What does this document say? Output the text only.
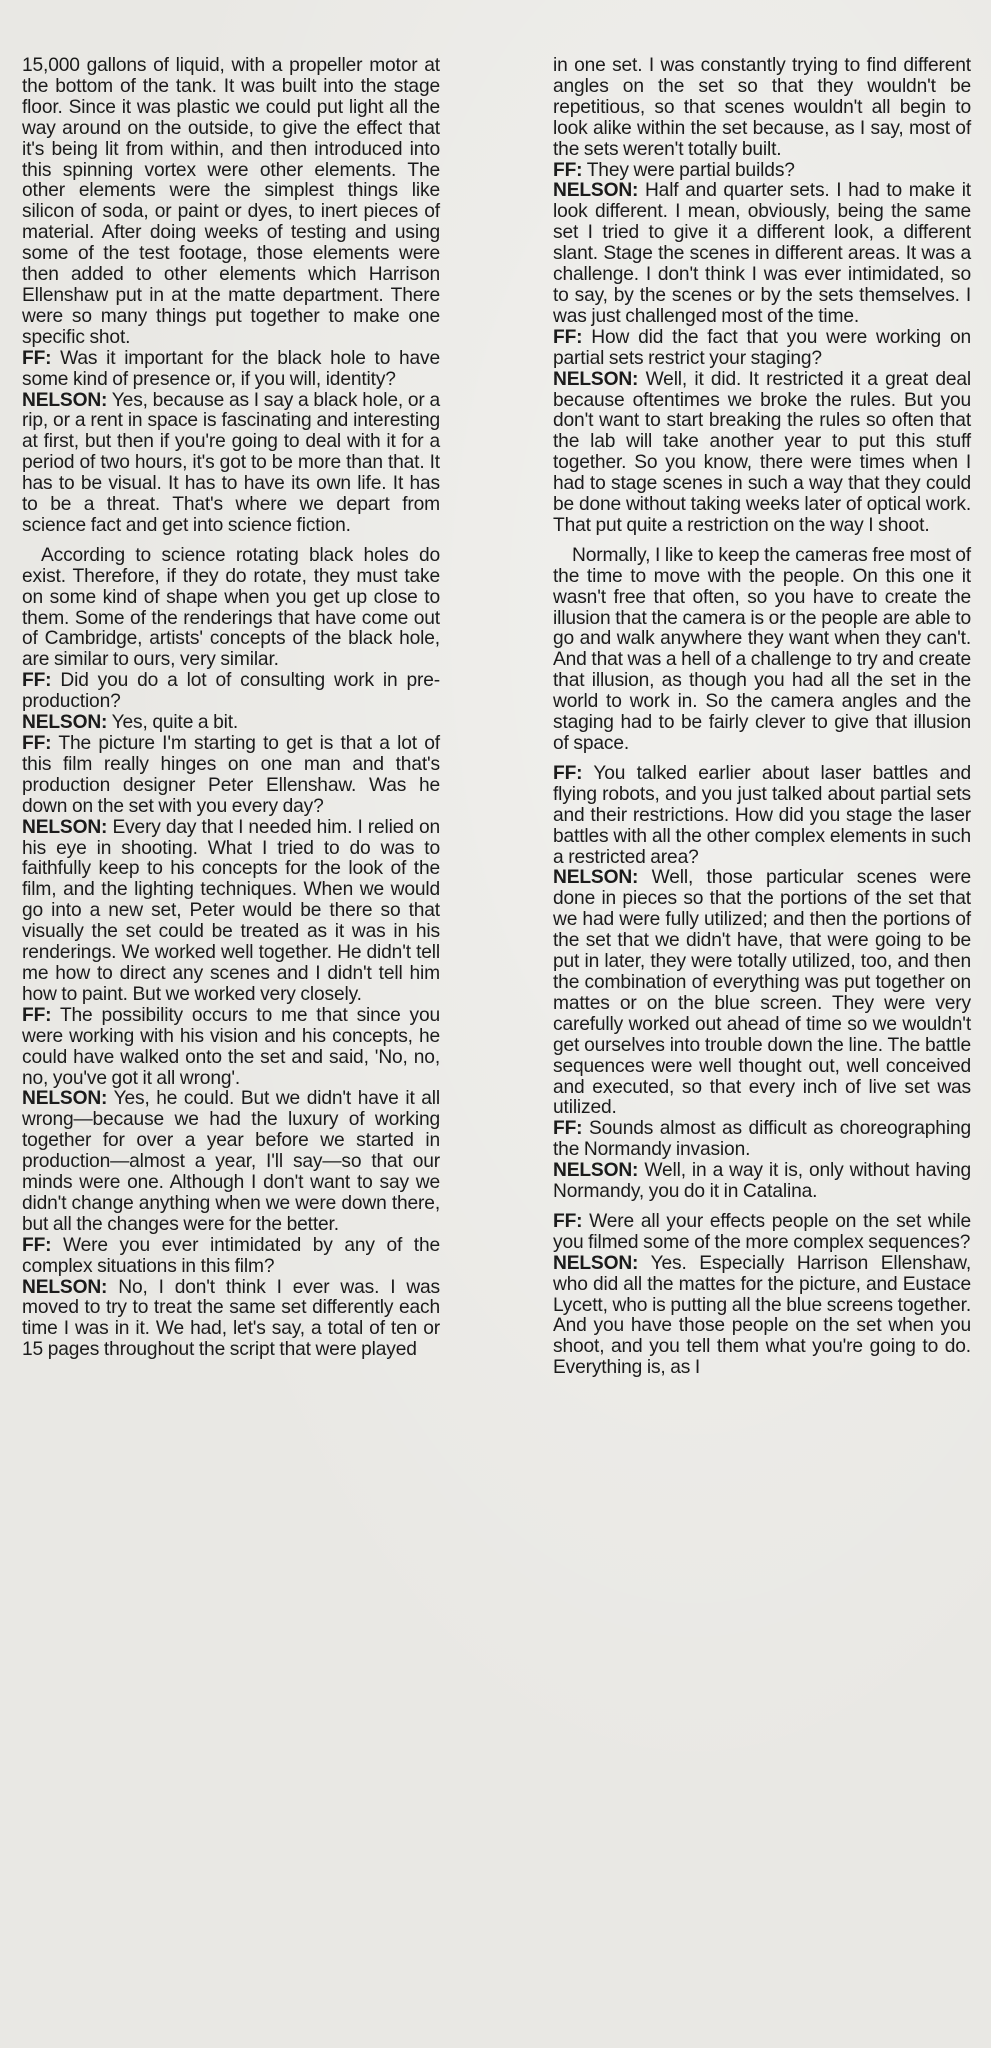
15,000 gallons of liquid, with a propeller motor at the bottom of the tank. It was built into the stage floor. Since it was plastic we could put light all the way around on the outside, to give the effect that it's being lit from within, and then introduced into this spinning vortex were other elements. The other elements were the simplest things like silicon of soda, or paint or dyes, to inert pieces of material. After doing weeks of testing and using some of the test footage, those elements were then added to other elements which Harrison Ellenshaw put in at the matte department. There were so many things put together to make one specific shot.

FF: Was it important for the black hole to have some kind of presence or, if you will, identity?

NELSON: Yes, because as I say a black hole, or a rip, or a rent in space is fascinating and interesting at first, but then if you're going to deal with it for a period of two hours, it's got to be more than that. It has to be visual. It has to have its own life. It has to be a threat. That's where we depart from science fact and get into science fiction.

According to science rotating black holes do exist. Therefore, if they do rotate, they must take on some kind of shape when you get up close to them. Some of the renderings that have come out of Cambridge, artists' concepts of the black hole, are similar to ours, very similar.

FF: Did you do a lot of consulting work in pre-production?

NELSON: Yes, quite a bit.

FF: The picture I'm starting to get is that a lot of this film really hinges on one man and that's production designer Peter Ellenshaw. Was he down on the set with you every day?

NELSON: Every day that I needed him. I relied on his eye in shooting. What I tried to do was to faithfully keep to his concepts for the look of the film, and the lighting techniques. When we would go into a new set, Peter would be there so that visually the set could be treated as it was in his renderings. We worked well together. He didn't tell me how to direct any scenes and I didn't tell him how to paint. But we worked very closely.

FF: The possibility occurs to me that since you were working with his vision and his concepts, he could have walked onto the set and said, 'No, no, no, you've got it all wrong'.

NELSON: Yes, he could. But we didn't have it all wrong—because we had the luxury of working together for over a year before we started in production—almost a year, I'll say—so that our minds were one. Although I don't want to say we didn't change anything when we were down there, but all the changes were for the better.

FF: Were you ever intimidated by any of the complex situations in this film?

NELSON: No, I don't think I ever was. I was moved to try to treat the same set differently each time I was in it. We had, let's say, a total of ten or 15 pages throughout the script that were played

in one set. I was constantly trying to find different angles on the set so that they wouldn't be repetitious, so that scenes wouldn't all begin to look alike within the set because, as I say, most of the sets weren't totally built.

FF: They were partial builds?

NELSON: Half and quarter sets. I had to make it look different. I mean, obviously, being the same set I tried to give it a different look, a different slant. Stage the scenes in different areas. It was a challenge. I don't think I was ever intimidated, so to say, by the scenes or by the sets themselves. I was just challenged most of the time.

FF: How did the fact that you were working on partial sets restrict your staging?

NELSON: Well, it did. It restricted it a great deal because oftentimes we broke the rules. But you don't want to start breaking the rules so often that the lab will take another year to put this stuff together. So you know, there were times when I had to stage scenes in such a way that they could be done without taking weeks later of optical work. That put quite a restriction on the way I shoot.

Normally, I like to keep the cameras free most of the time to move with the people. On this one it wasn't free that often, so you have to create the illusion that the camera is or the people are able to go and walk anywhere they want when they can't. And that was a hell of a challenge to try and create that illusion, as though you had all the set in the world to work in. So the camera angles and the staging had to be fairly clever to give that illusion of space.

FF: You talked earlier about laser battles and flying robots, and you just talked about partial sets and their restrictions. How did you stage the laser battles with all the other complex elements in such a restricted area?

NELSON: Well, those particular scenes were done in pieces so that the portions of the set that we had were fully utilized; and then the portions of the set that we didn't have, that were going to be put in later, they were totally utilized, too, and then the combination of everything was put together on mattes or on the blue screen. They were very carefully worked out ahead of time so we wouldn't get ourselves into trouble down the line. The battle sequences were well thought out, well conceived and executed, so that every inch of live set was utilized.

FF: Sounds almost as difficult as choreographing the Normandy invasion.

NELSON: Well, in a way it is, only without having Normandy, you do it in Catalina.

FF: Were all your effects people on the set while you filmed some of the more complex sequences?

NELSON: Yes. Especially Harrison Ellenshaw, who did all the mattes for the picture, and Eustace Lycett, who is putting all the blue screens together. And you have those people on the set when you shoot, and you tell them what you're going to do. Everything is, as I
